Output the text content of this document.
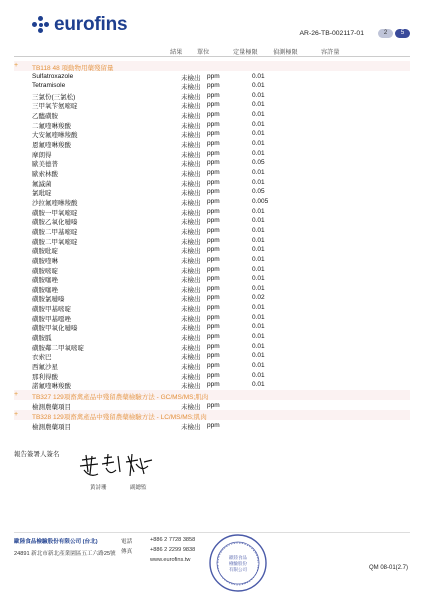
eurofins	AR-26-TB-002117-01	2	5
結果 單位	定量極限 偵測極限	容許量
+ TB118 48 項動物用藥殘留量
Sulfatroxazole	未檢出 ppm	0.01
Tetramisole	未檢出 ppm	0.01
三氯份(三氯松)	未檢出 ppm	0.01
三甲氧苄氨嘧啶	未檢出 ppm	0.01
乙醯磺胺	未檢出 ppm	0.01
二氟喹啉羧酸	未檢出 ppm	0.01
大安氟喹啉羧酸	未檢出 ppm	0.01
恩氟喹啉羧酸	未檢出 ppm	0.01
摩朗得	未檢出 ppm	0.01
歐美德普	未檢出 ppm	0.05
歐索林酸	未檢出 ppm	0.01
氟滅菌	未檢出 ppm	0.01
氯吡啶	未檢出 ppm	0.05
沙拉氟喹啉羧酸	未檢出 ppm	0.005
磺胺一甲氧嘧啶	未檢出 ppm	0.01
磺胺乙氧化噠嗪	未檢出 ppm	0.01
磺胺二甲基嘧啶	未檢出 ppm	0.01
磺胺二甲氧嘧啶	未檢出 ppm	0.01
磺胺吡啶	未檢出 ppm	0.01
磺胺喹啉	未檢出 ppm	0.01
磺胺嘧啶	未檢出 ppm	0.01
磺胺噻唑	未檢出 ppm	0.01
磺胺噻唑	未檢出 ppm	0.01
磺胺氯噠嗪	未檢出 ppm	0.02
磺胺甲基嘧啶	未檢出 ppm	0.01
磺胺甲基噁唑	未檢出 ppm	0.01
磺胺甲氧化噠嗪	未檢出 ppm	0.01
磺胺胍	未檢出 ppm	0.01
磺胺鄰二甲氧嘧啶	未檢出 ppm	0.01
衣索巴	未檢出 ppm	0.01
西氟沙星	未檢出 ppm	0.01
那利得酸	未檢出 ppm	0.01
諾氟喹啉羧酸	未檢出 ppm	0.01
+ TB327 129項畜禽產品中殘留農藥檢驗方法 - GC/MS/MS;肌肉
檢測農藥項目	未檢出 ppm
+ TB328 129項畜禽產品中殘留農藥檢驗方法 - LC/MS/MS;肌肉
檢測農藥項目	未檢出 ppm
報告簽署人簽名
黃詩珊	副總監
歐陸食品檢驗股份有限公司 (台北)
24891 新北市新北產業園區五工六路25號
電話	+886 2 7728 3858
傳真	+886 2 2299 9838
www.eurofins.tw	歐陸食品
檢驗股份
有限公司	QM 08-01(2.7)
